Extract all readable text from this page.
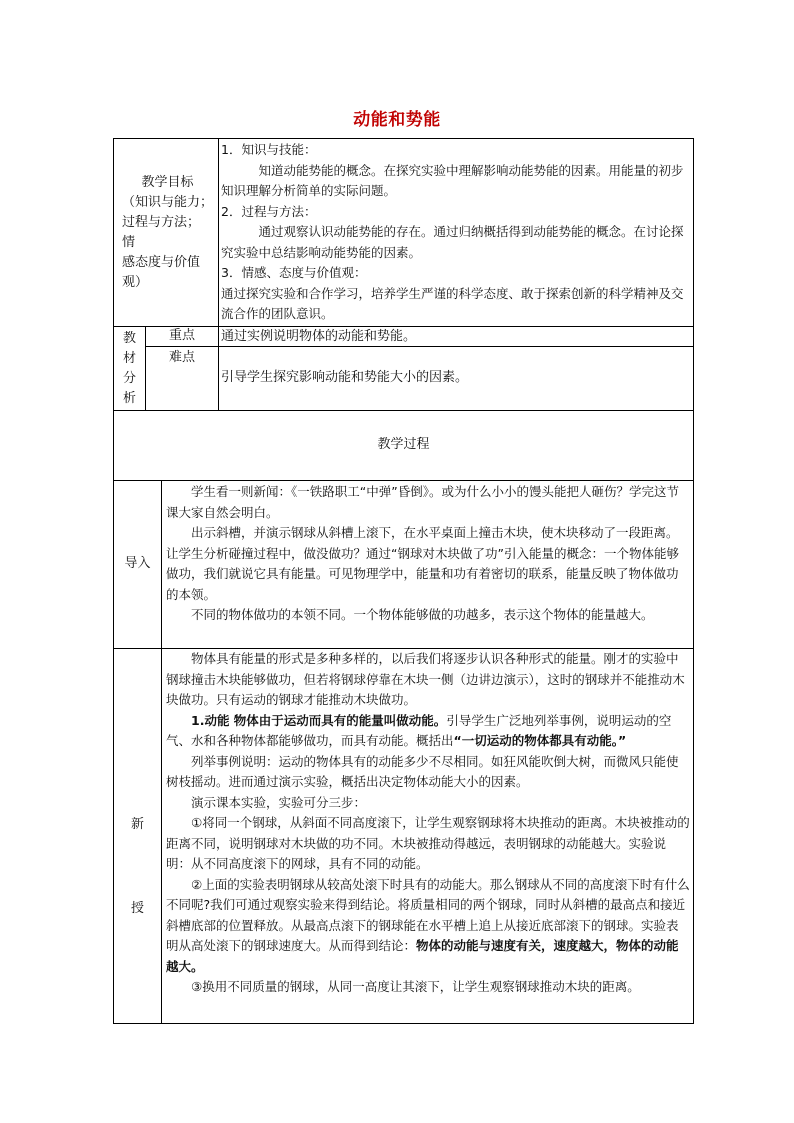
动能和势能
教学目标
（知识与能力；
过程与方法；
情
感态度与价值
观）

1．知识与技能：

知道动能势能的概念。在探究实验中理解影响动能势能的因素。用能量的初步知识理解分析简单的实际问题。

2．过程与方法：

通过观察认识动能势能的存在。通过归纳概括得到动能势能的概念。在讨论探究实验中总结影响动能势能的因素。

3．情感、态度与价值观：

通过探究实验和合作学习，培养学生严谨的科学态度、敢于探索创新的科学精神及交流合作的团队意识。

教
材
分
析
重点	通过实例说明物体的动能和势能。
难点
引导学生探究影响动能和势能大小的因素。
教学过程
导入

学生看一则新闻：《一铁路职工“中弹”昏倒》。或为什么小小的馒头能把人砸伤？学完这节课大家自然会明白。

出示斜槽，并演示钢球从斜槽上滚下，在水平桌面上撞击木块，使木块移动了一段距离。让学生分析碰撞过程中，做没做功？通过“钢球对木块做了功”引入能量的概念：一个物体能够做功，我们就说它具有能量。可见物理学中，能量和功有着密切的联系，能量反映了物体做功的本领。

不同的物体做功的本领不同。一个物体能够做的功越多，表示这个物体的能量越大。

新
授

物体具有能量的形式是多种多样的，以后我们将逐步认识各种形式的能量。刚才的实验中钢球撞击木块能够做功，但若将钢球停靠在木块一侧（边讲边演示），这时的钢球并不能推动木块做功。只有运动的钢球才能推动木块做功。

1.动能 物体由于运动而具有的能量叫做动能。引导学生广泛地列举事例，说明运动的空气、水和各种物体都能够做功，而具有动能。概括出“一切运动的物体都具有动能。”

列举事例说明：运动的物体具有的动能多少不尽相同。如狂风能吹倒大树，而微风只能使树枝摇动。进而通过演示实验，概括出决定物体动能大小的因素。

演示课本实验，实验可分三步：

①将同一个钢球，从斜面不同高度滚下，让学生观察钢球将木块推动的距离。木块被推动的距离不同，说明钢球对木块做的功不同。木块被推动得越远，表明钢球的动能越大。实验说明：从不同高度滚下的网球，具有不同的动能。

②上面的实验表明钢球从较高处滚下时具有的动能大。那么钢球从不同的高度滚下时有什么不同呢?我们可通过观察实验来得到结论。将质量相同的两个钢球，同时从斜槽的最高点和接近斜槽底部的位置释放。从最高点滚下的钢球能在水平槽上追上从接近底部滚下的钢球。实验表明从高处滚下的钢球速度大。从而得到结论：物体的动能与速度有关，速度越大，物体的动能越大。

③换用不同质量的钢球，从同一高度让其滚下，让学生观察钢球推动木块的距离。
